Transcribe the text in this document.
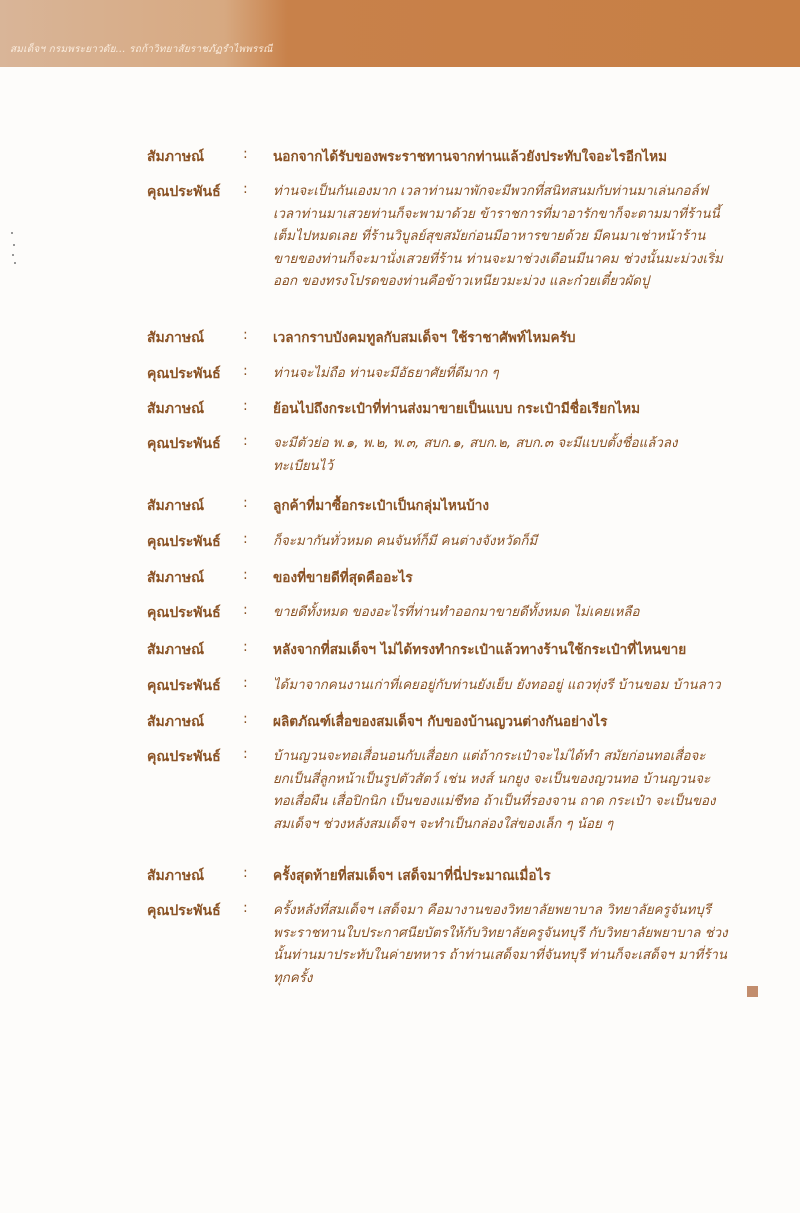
สมเด็จฯ กรมพระยาวดัย... รถก้าวิทยาสัยราชภัฏรำไพพรรณี
สัมภาษณ์	: นอกจากได้รับของพระราชทานจากท่านแล้วยังประทับใจอะไรอีกไหม
คุณประพันธ์ : ท่านจะเป็นกันเองมาก เวลาท่านมาพักจะมีพวกที่สนิทสนมกับท่านมาเล่นกอล์ฟ
เวลาท่านมาเสวยท่านก็จะพามาด้วย ข้าราชการที่มาอารักขาก็จะตามมาที่ร้านนี้
เต็มไปหมดเลย ที่ร้านวิบูลย์สุขสมัยก่อนมีอาหารขายด้วย มีคนมาเช่าหน้าร้าน
ขายของท่านก็จะมานั่งเสวยที่ร้าน ท่านจะมาช่วงเดือนมีนาคม ช่วงนั้นมะม่วงเริ่ม
ออก ของทรงโปรดของท่านคือข้าวเหนียวมะม่วง และก๋วยเตี๋ยวผัดปู
สัมภาษณ์	: เวลากราบบังคมทูลกับสมเด็จฯ ใช้ราชาศัพท์ไหมครับ
คุณประพันธ์ : ท่านจะไม่ถือ ท่านจะมีอัธยาศัยที่ดีมาก ๆ
สัมภาษณ์	: ย้อนไปถึงกระเป๋าที่ท่านส่งมาขายเป็นแบบ กระเป๋ามีชื่อเรียกไหม
คุณประพันธ์ : จะมีตัวย่อ พ.๑, พ.๒, พ.๓, สบก.๑, สบก.๒, สบก.๓ จะมีแบบตั้งชื่อแล้วลง
ทะเบียนไว้
สัมภาษณ์	: ลูกค้าที่มาซื้อกระเป๋าเป็นกลุ่มไหนบ้าง
คุณประพันธ์ : ก็จะมากันทั่วหมด คนจันท์ก็มี คนต่างจังหวัดก็มี
สัมภาษณ์	: ของที่ขายดีที่สุดคืออะไร
คุณประพันธ์ : ขายดีทั้งหมด ของอะไรที่ท่านทำออกมาขายดีทั้งหมด ไม่เคยเหลือ
สัมภาษณ์	: หลังจากที่สมเด็จฯ ไม่ได้ทรงทำกระเป๋าแล้วทางร้านใช้กระเป๋าที่ไหนขาย
คุณประพันธ์ : ได้มาจากคนงานเก่าที่เคยอยู่กับท่านยังเย็บ ยังทออยู่ แถวทุ่งรี บ้านขอม บ้านลาว
สัมภาษณ์	: ผลิตภัณฑ์เสื่อของสมเด็จฯ กับของบ้านญวนต่างกันอย่างไร
คุณประพันธ์ : บ้านญวนจะทอเสื่อนอนกับเสื่อยก แต่ถ้ากระเป๋าจะไม่ได้ทำ สมัยก่อนทอเสื่อจะ
ยกเป็นสี่ลูกหน้าเป็นรูปตัวสัตว์ เช่น หงส์ นกยูง จะเป็นของญวนทอ บ้านญวนจะ
ทอเสื่อผืน เสื่อปิกนิก เป็นของแม่ชีทอ ถ้าเป็นที่รองจาน ถาด กระเป๋า จะเป็นของ
สมเด็จฯ ช่วงหลังสมเด็จฯ จะทำเป็นกล่องใส่ของเล็ก ๆ น้อย ๆ
สัมภาษณ์	: ครั้งสุดท้ายที่สมเด็จฯ เสด็จมาที่นี่ประมาณเมื่อไร
คุณประพันธ์ : ครั้งหลังที่สมเด็จฯ เสด็จมา คือมางานของวิทยาลัยพยาบาล วิทยาลัยครูจันทบุรี
พระราชทานใบประกาศนียบัตรให้กับวิทยาลัยครูจันทบุรี กับวิทยาลัยพยาบาล ช่วง
นั้นท่านมาประทับในค่ายทหาร ถ้าท่านเสด็จมาที่จันทบุรี ท่านก็จะเสด็จฯ มาที่ร้าน
ทุกครั้ง
